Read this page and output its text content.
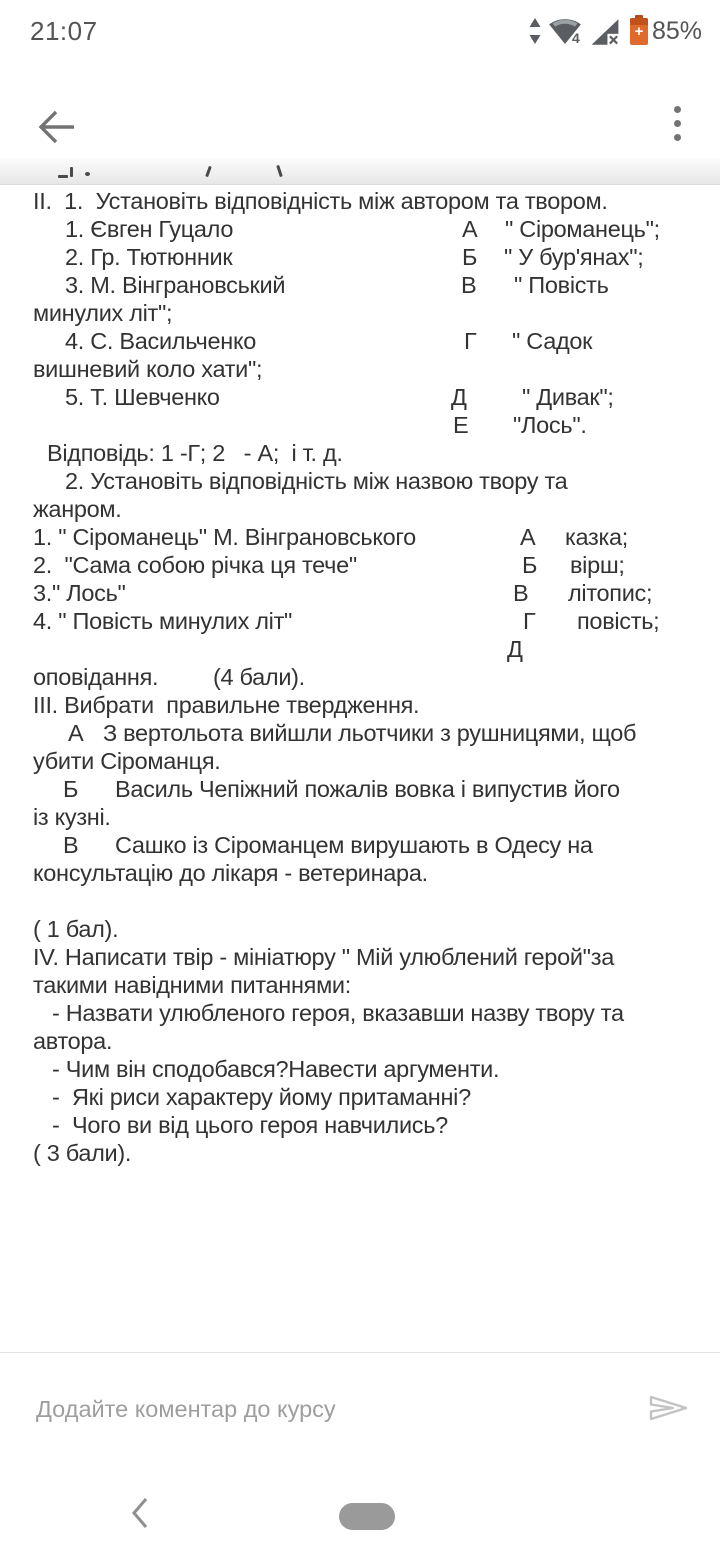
21:07	4	+ 85%
ІІ.  1.  Установіть відповідність між автором та твором.
1. Євген Гуцало	А " Сіроманець";
2. Гр. Тютюнник	Б " У бур'янах";
3. М. Вінграновський	В " Повість
минулих літ";
4. С. Васильченко	Г " Садок
вишневий коло хати";
5. Т. Шевченко	Д " Дивак";
Е "Лось".
Відповідь: 1 -Г; 2   - А;  і т. д.
2. Установіть відповідність між назвою твору та
жанром.
1. " Сіроманець" М. Вінграновського	А казка;
2.  "Сама собою річка ця тече"	Б вірш;
3." Лось"	В літопис;
4. " Повість минулих літ"	Г повість;
Д
оповідання. (4 бали).
ІІІ. Вибрати  правильне твердження.
А З вертольота вийшли льотчики з рушницями, щоб
убити Сіроманця.
Б Василь Чепіжний пожалів вовка і випустив його
із кузні.
В Сашко із Сіроманцем вирушають в Одесу на
консультацію до лікаря - ветеринара.
( 1 бал).
IV. Написати твір - мініатюру " Мій улюблений герой"за
такими навідними питаннями:
- Назвати улюбленого героя, вказавши назву твору та
автора.
- Чим він сподобався?Навести аргументи.
-  Які риси характеру йому притаманні?
-  Чого ви від цього героя навчились?
( 3 бали).
Додайте коментар до курсу
